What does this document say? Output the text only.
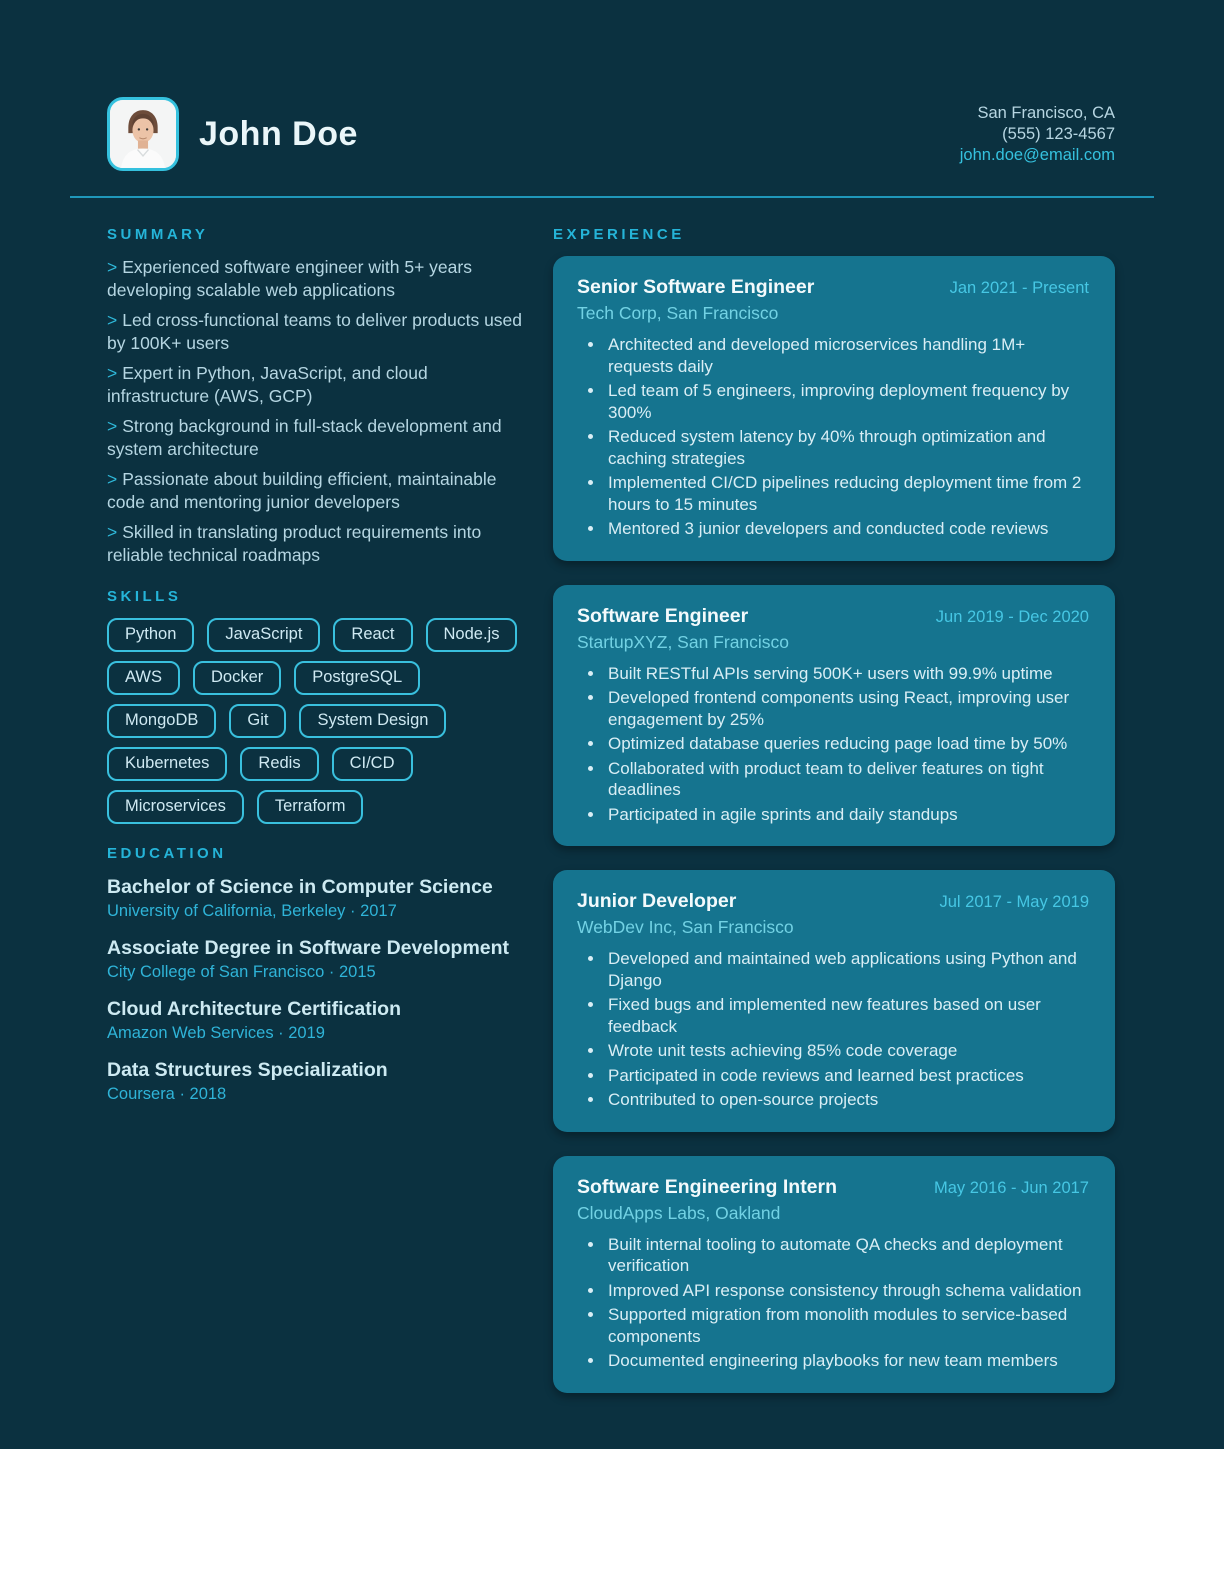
John Doe
San Francisco, CA
(555) 123-4567
john.doe@email.com
SUMMARY

> Experienced software engineer with 5+ years developing scalable web applications

> Led cross-functional teams to deliver products used by 100K+ users

> Expert in Python, JavaScript, and cloud infrastructure (AWS, GCP)

> Strong background in full-stack development and system architecture

> Passionate about building efficient, maintainable code and mentoring junior developers

> Skilled in translating product requirements into reliable technical roadmaps

SKILLS
Python	JavaScript	React	Node.js
AWS	Docker	PostgreSQL
MongoDB	Git	System Design
Kubernetes	Redis	CI/CD
Microservices	Terraform
EDUCATION
Bachelor of Science in Computer Science
University of California, Berkeley · 2017
Associate Degree in Software Development
City College of San Francisco · 2015
Cloud Architecture Certification
Amazon Web Services · 2019
Data Structures Specialization
Coursera · 2018
EXPERIENCE
Senior Software Engineer	Jan 2021 - Present
Tech Corp, San Francisco
• Architected and developed microservices handling 1M+ requests daily
• Led team of 5 engineers, improving deployment frequency by 300%
• Reduced system latency by 40% through optimization and caching strategies
• Implemented CI/CD pipelines reducing deployment time from 2 hours to 15 minutes
• Mentored 3 junior developers and conducted code reviews
Software Engineer	Jun 2019 - Dec 2020
StartupXYZ, San Francisco
• Built RESTful APIs serving 500K+ users with 99.9% uptime
• Developed frontend components using React, improving user engagement by 25%
• Optimized database queries reducing page load time by 50%
• Collaborated with product team to deliver features on tight deadlines
• Participated in agile sprints and daily standups
Junior Developer	Jul 2017 - May 2019
WebDev Inc, San Francisco
• Developed and maintained web applications using Python and Django
• Fixed bugs and implemented new features based on user feedback
• Wrote unit tests achieving 85% code coverage
• Participated in code reviews and learned best practices
• Contributed to open-source projects
Software Engineering Intern	May 2016 - Jun 2017
CloudApps Labs, Oakland
• Built internal tooling to automate QA checks and deployment verification
• Improved API response consistency through schema validation
• Supported migration from monolith modules to service-based components
• Documented engineering playbooks for new team members
